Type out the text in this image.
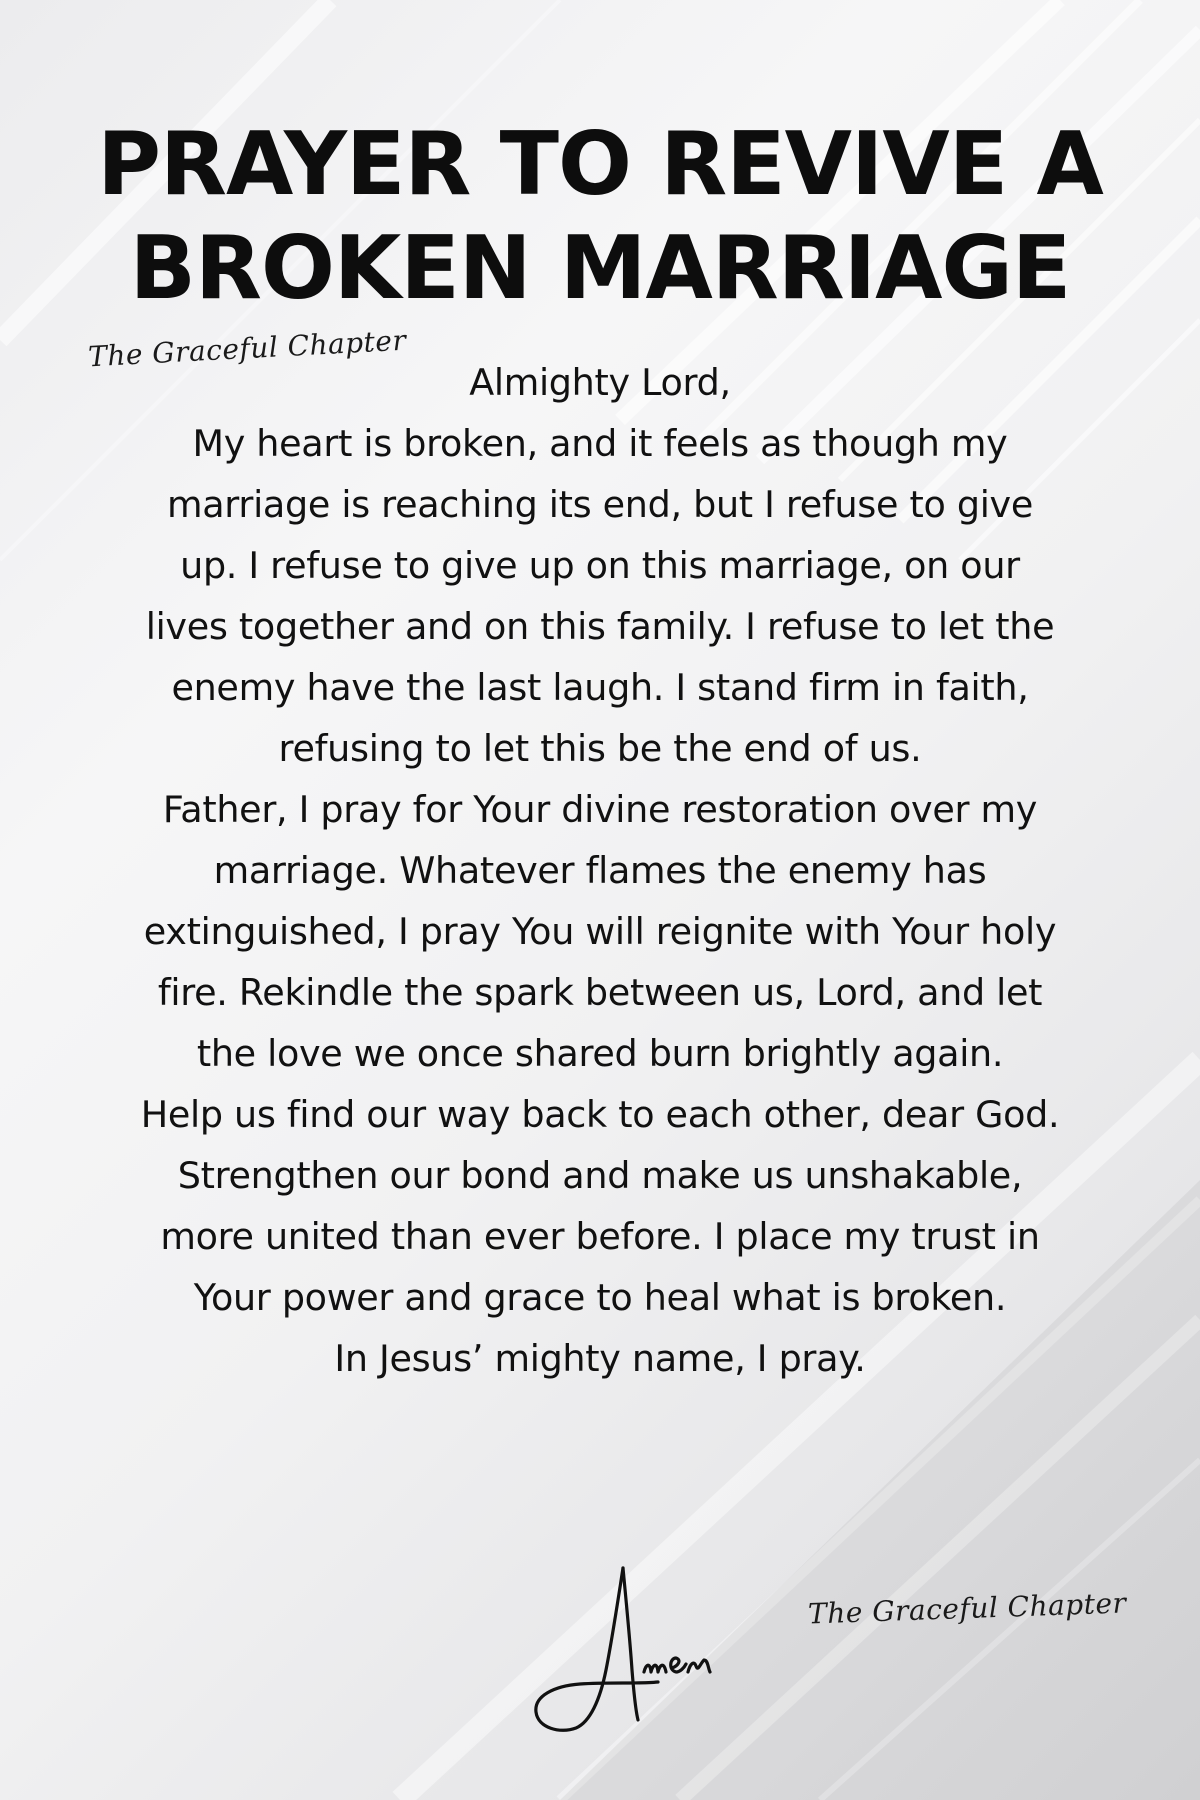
PRAYER TO REVIVE A
BROKEN MARRIAGE
The Graceful Chapter

Almighty Lord,

My heart is broken, and it feels as though my marriage is reaching its end, but I refuse to give up. I refuse to give up on this marriage, on our lives together and on this family. I refuse to let the enemy have the last laugh. I stand firm in faith, refusing to let this be the end of us.

Father, I pray for Your divine restoration over my marriage. Whatever flames the enemy has extinguished, I pray You will reignite with Your holy fire. Rekindle the spark between us, Lord, and let the love we once shared burn brightly again.

Help us find our way back to each other, dear God. Strengthen our bond and make us unshakable, more united than ever before. I place my trust in Your power and grace to heal what is broken.

In Jesus’ mighty name, I pray.

The Graceful Chapter
